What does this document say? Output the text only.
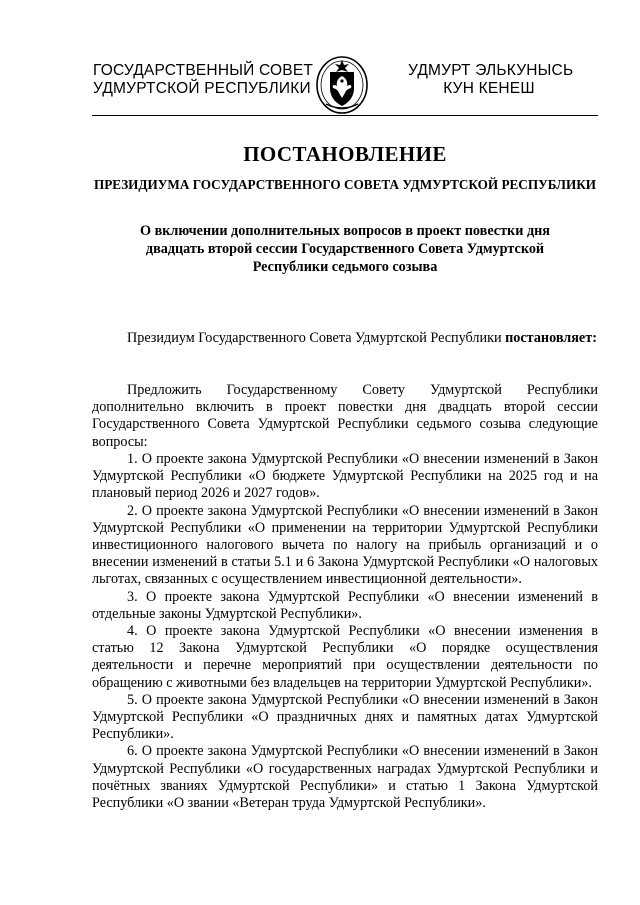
ГОСУДАРСТВЕННЫЙ СОВЕТ
УДМУРТСКОЙ РЕСПУБЛИКИ
УДМУРТ ЭЛЬКУНЫСЬ
КУН КЕНЕШ
ПОСТАНОВЛЕНИЕ
ПРЕЗИДИУМА ГОСУДАРСТВЕННОГО СОВЕТА УДМУРТСКОЙ РЕСПУБЛИКИ
О включении дополнительных вопросов в проект повестки дня двадцать второй сессии Государственного Совета Удмуртской Республики седьмого созыва

Президиум Государственного Совета Удмуртской Республики постановляет:

Предложить Государственному Совету Удмуртской Республики дополнительно включить в проект повестки дня двадцать второй сессии Государственного Совета Удмуртской Республики седьмого созыва следующие вопросы:

1. О проекте закона Удмуртской Республики «О внесении изменений в Закон Удмуртской Республики «О бюджете Удмуртской Республики на 2025 год и на плановый период 2026 и 2027 годов».

2. О проекте закона Удмуртской Республики «О внесении изменений в Закон Удмуртской Республики «О применении на территории Удмуртской Республики инвестиционного налогового вычета по налогу на прибыль организаций и о внесении изменений в статьи 5.1 и 6 Закона Удмуртской Республики «О налоговых льготах, связанных с осуществлением инвестиционной деятельности».

3. О проекте закона Удмуртской Республики «О внесении изменений в отдельные законы Удмуртской Республики».

4. О проекте закона Удмуртской Республики «О внесении изменения в статью 12 Закона Удмуртской Республики «О порядке осуществления деятельности и перечне мероприятий при осуществлении деятельности по обращению с животными без владельцев на территории Удмуртской Республики».

5. О проекте закона Удмуртской Республики «О внесении изменений в Закон Удмуртской Республики «О праздничных днях и памятных датах Удмуртской Республики».

6. О проекте закона Удмуртской Республики «О внесении изменений в Закон Удмуртской Республики «О государственных наградах Удмуртской Республики и почётных званиях Удмуртской Республики» и статью 1 Закона Удмуртской Республики «О звании «Ветеран труда Удмуртской Республики».
